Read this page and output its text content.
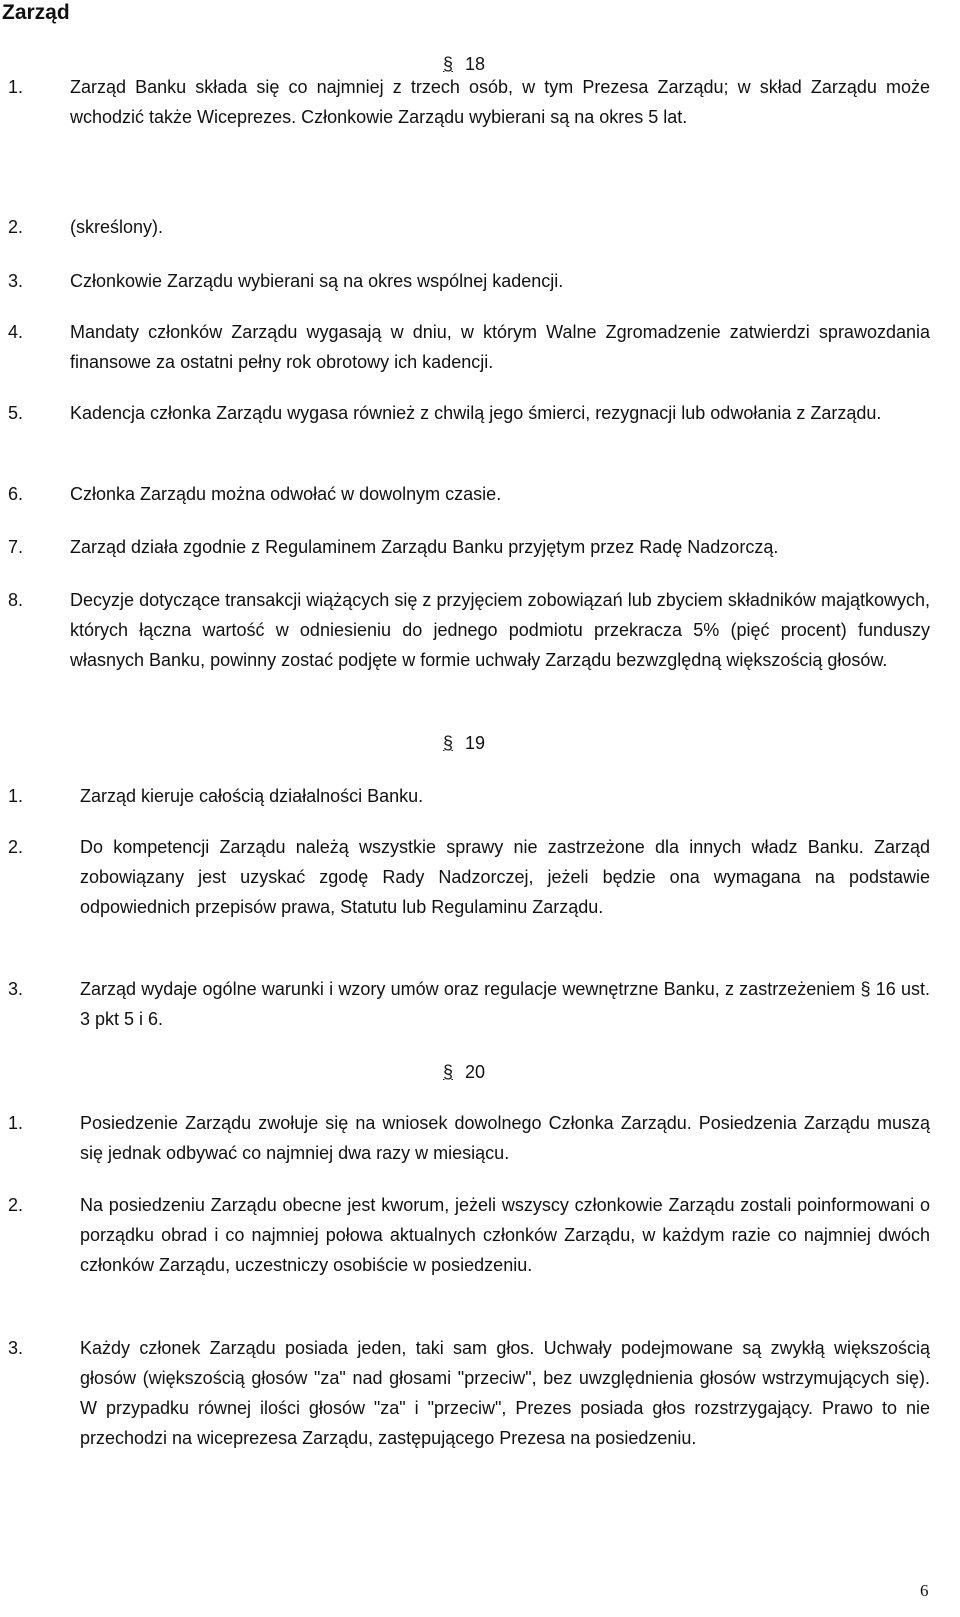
Zarząd
§ 18
1.	Zarząd Banku składa się co najmniej z trzech osób, w tym Prezesa Zarządu; w skład Zarządu może wchodzić także Wiceprezes. Członkowie Zarządu wybierani są na okres 5 lat.
2.	(skreślony).
3.	Członkowie Zarządu wybierani są na okres wspólnej kadencji.
4.	Mandaty członków Zarządu wygasają w dniu, w którym Walne Zgromadzenie zatwierdzi sprawozdania finansowe za ostatni pełny rok obrotowy ich kadencji.
5.	Kadencja członka Zarządu wygasa również z chwilą jego śmierci, rezygnacji lub odwołania z Zarządu.
6.	Członka Zarządu można odwołać w dowolnym czasie.
7.	Zarząd działa zgodnie z Regulaminem Zarządu Banku przyjętym przez Radę Nadzorczą.
8.	Decyzje dotyczące transakcji wiążących się z przyjęciem zobowiązań lub zbyciem składników majątkowych, których łączna wartość w odniesieniu do jednego podmiotu przekracza 5% (pięć procent) funduszy własnych Banku, powinny zostać podjęte w formie uchwały Zarządu bezwzględną większością głosów.
§ 19
1.	Zarząd kieruje całością działalności Banku.
2.	Do kompetencji Zarządu należą wszystkie sprawy nie zastrzeżone dla innych władz Banku. Zarząd zobowiązany jest uzyskać zgodę Rady Nadzorczej, jeżeli będzie ona wymagana na podstawie odpowiednich przepisów prawa, Statutu lub Regulaminu Zarządu.
3.	Zarząd wydaje ogólne warunki i wzory umów oraz regulacje wewnętrzne Banku, z zastrzeżeniem § 16 ust. 3 pkt 5 i 6.
§ 20
1.	Posiedzenie Zarządu zwołuje się na wniosek dowolnego Członka Zarządu. Posiedzenia Zarządu muszą się jednak odbywać co najmniej dwa razy w miesiącu.
2.	Na posiedzeniu Zarządu obecne jest kworum, jeżeli wszyscy członkowie Zarządu zostali poinformowani o porządku obrad i co najmniej połowa aktualnych członków Zarządu, w każdym razie co najmniej dwóch członków Zarządu, uczestniczy osobiście w posiedzeniu.
3.	Każdy członek Zarządu posiada jeden, taki sam głos. Uchwały podejmowane są zwykłą większością głosów (większością głosów "za" nad głosami "przeciw", bez uwzględnienia głosów wstrzymujących się). W przypadku równej ilości głosów "za" i "przeciw", Prezes posiada głos rozstrzygający. Prawo to nie przechodzi na wiceprezesa Zarządu, zastępującego Prezesa na posiedzeniu.
6
